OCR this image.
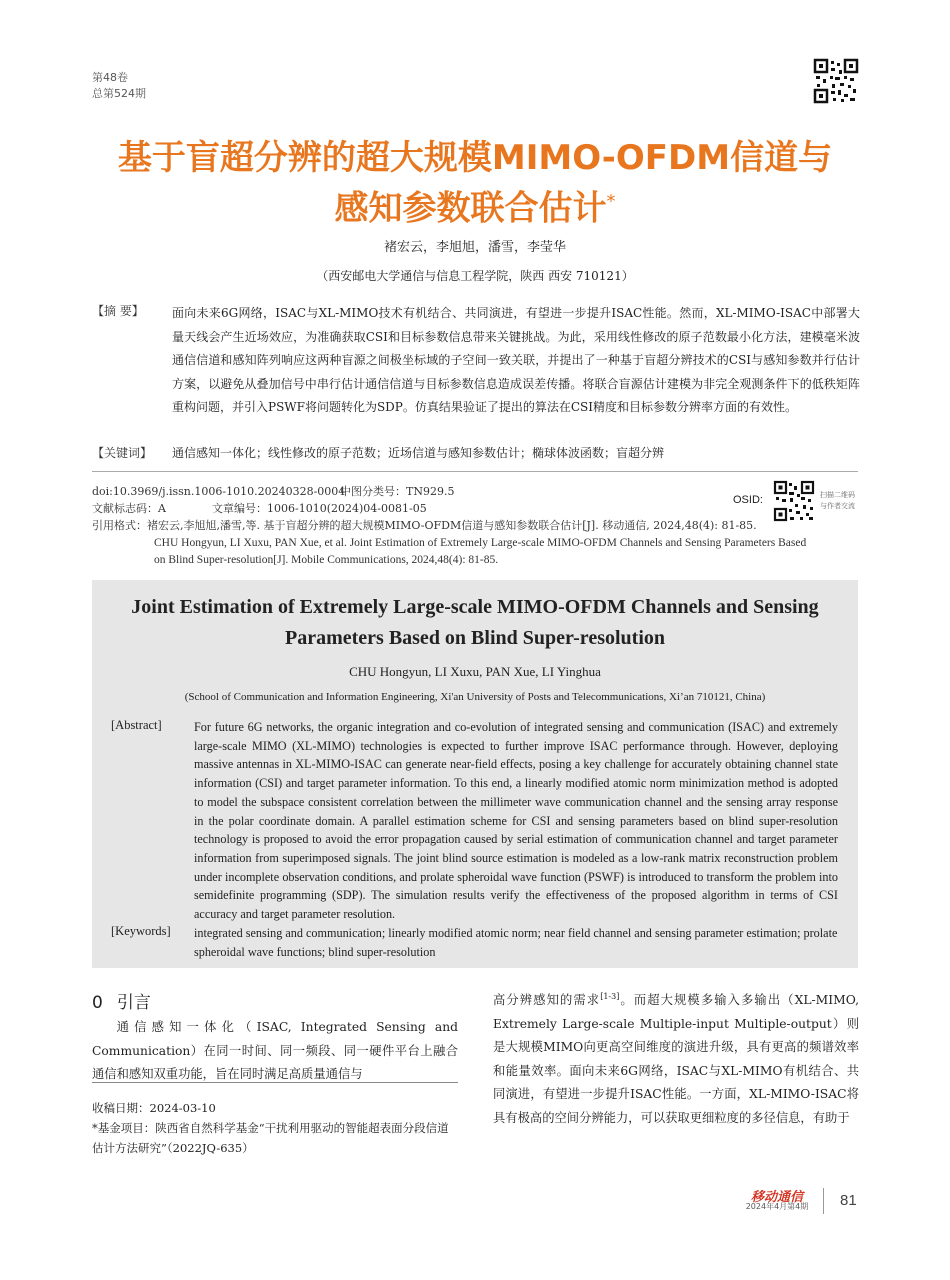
第48卷
总第524期
基于盲超分辨的超大规模MIMO-OFDM信道与
感知参数联合估计*
褚宏云，李旭旭，潘雪，李莹华
（西安邮电大学通信与信息工程学院，陕西 西安 710121）
【摘 要】 面向未来6G网络，ISAC与XL-MIMO技术有机结合、共同演进，有望进一步提升ISAC性能。然而，XL-MIMO-ISAC中部署大量天线会产生近场效应，为准确获取CSI和目标参数信息带来关键挑战。为此，采用线性修改的原子范数最小化方法，建模毫米波通信信道和感知阵列响应这两种盲源之间极坐标域的子空间一致关联，并提出了一种基于盲超分辨技术的CSI与感知参数并行估计方案，以避免从叠加信号中串行估计通信信道与目标参数信息造成误差传播。将联合盲源估计建模为非完全观测条件下的低秩矩阵重构问题，并引入PSWF将问题转化为SDP。仿真结果验证了提出的算法在CSI精度和目标参数分辨率方面的有效性。
【关键词】 通信感知一体化；线性修改的原子范数；近场信道与感知参数估计；椭球体波函数；盲超分辨
doi:10.3969/j.issn.1006-1010.20240328-0004
中图分类号：TN929.5
文献标志码：A	文章编号：1006-1010(2024)04-0081-05
OSID:	扫描二维码
与作者交流
引用格式：褚宏云,李旭旭,潘雪,等. 基于盲超分辨的超大规模MIMO-OFDM信道与感知参数联合估计[J]. 移动通信, 2024,48(4): 81-85.
CHU Hongyun, LI Xuxu, PAN Xue, et al. Joint Estimation of Extremely Large-scale MIMO-OFDM Channels and Sensing Parameters Based
on Blind Super-resolution[J]. Mobile Communications, 2024,48(4): 81-85.
Joint Estimation of Extremely Large-scale MIMO-OFDM Channels and Sensing Parameters Based on Blind Super-resolution
CHU Hongyun, LI Xuxu, PAN Xue, LI Yinghua
(School of Communication and Information Engineering, Xi'an University of Posts and Telecommunications, Xi’an 710121, China)
[Abstract]	For future 6G networks, the organic integration and co-evolution of integrated sensing and communication (ISAC) and extremely large-scale MIMO (XL-MIMO) technologies is expected to further improve ISAC performance through. However, deploying massive antennas in XL-MIMO-ISAC can generate near-field effects, posing a key challenge for accurately obtaining channel state information (CSI) and target parameter information. To this end, a linearly modified atomic norm minimization method is adopted to model the subspace consistent correlation between the millimeter wave communication channel and the sensing array response in the polar coordinate domain. A parallel estimation scheme for CSI and sensing parameters based on blind super-resolution technology is proposed to avoid the error propagation caused by serial estimation of communication channel and target parameter information from superimposed signals. The joint blind source estimation is modeled as a low-rank matrix reconstruction problem under incomplete observation conditions, and prolate spheroidal wave function (PSWF) is introduced to transform the problem into semidefinite programming (SDP). The simulation results verify the effectiveness of the proposed algorithm in terms of CSI accuracy and target parameter resolution.
[Keywords] integrated sensing and communication; linearly modified atomic norm; near field channel and sensing parameter estimation; prolate spheroidal wave functions; blind super-resolution
0 引言
通信感知一体化（ISAC, Integrated Sensing and Communication）在同一时间、同一频段、同一硬件平台上融合通信和感知双重功能，旨在同时满足高质量通信与
高分辨感知的需求[1-3]。而超大规模多输入多输出（XL-MIMO, Extremely Large-scale Multiple-input Multiple-output）则是大规模MIMO向更高空间维度的演进升级，具有更高的频谱效率和能量效率。面向未来6G网络，ISAC与XL-MIMO有机结合、共同演进，有望进一步提升ISAC性能。一方面，XL-MIMO-ISAC将具有极高的空间分辨能力，可以获取更细粒度的多径信息，有助于
收稿日期：2024-03-10
*基金项目：陕西省自然科学基金“干扰利用驱动的智能超表面分段信道估计方法研究”（2022JQ-635）
移动通信
2024年4月第4期	81
